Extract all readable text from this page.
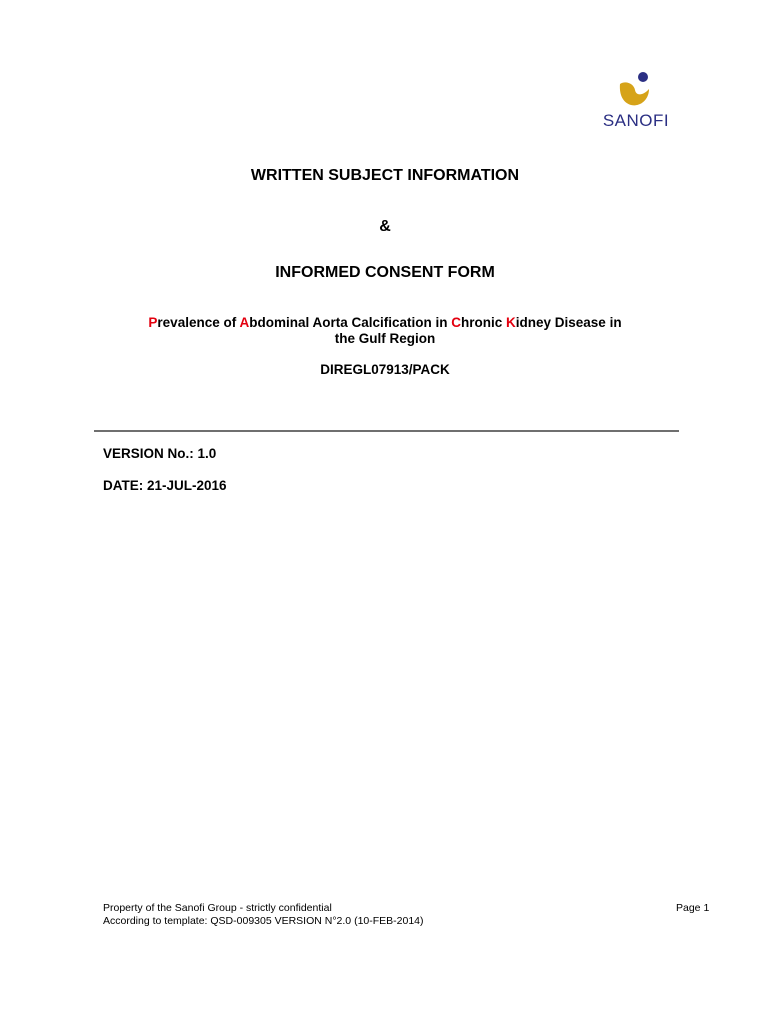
SANOFI
WRITTEN SUBJECT INFORMATION
&
INFORMED CONSENT FORM
Prevalence of Abdominal Aorta Calcification in Chronic Kidney Disease in
the Gulf Region
DIREGL07913/PACK
VERSION No.: 1.0
DATE: 21-JUL-2016
Property of the Sanofi Group - strictly confidential
According to template: QSD-009305 VERSION N°2.0 (10-FEB-2014)
Page 1
